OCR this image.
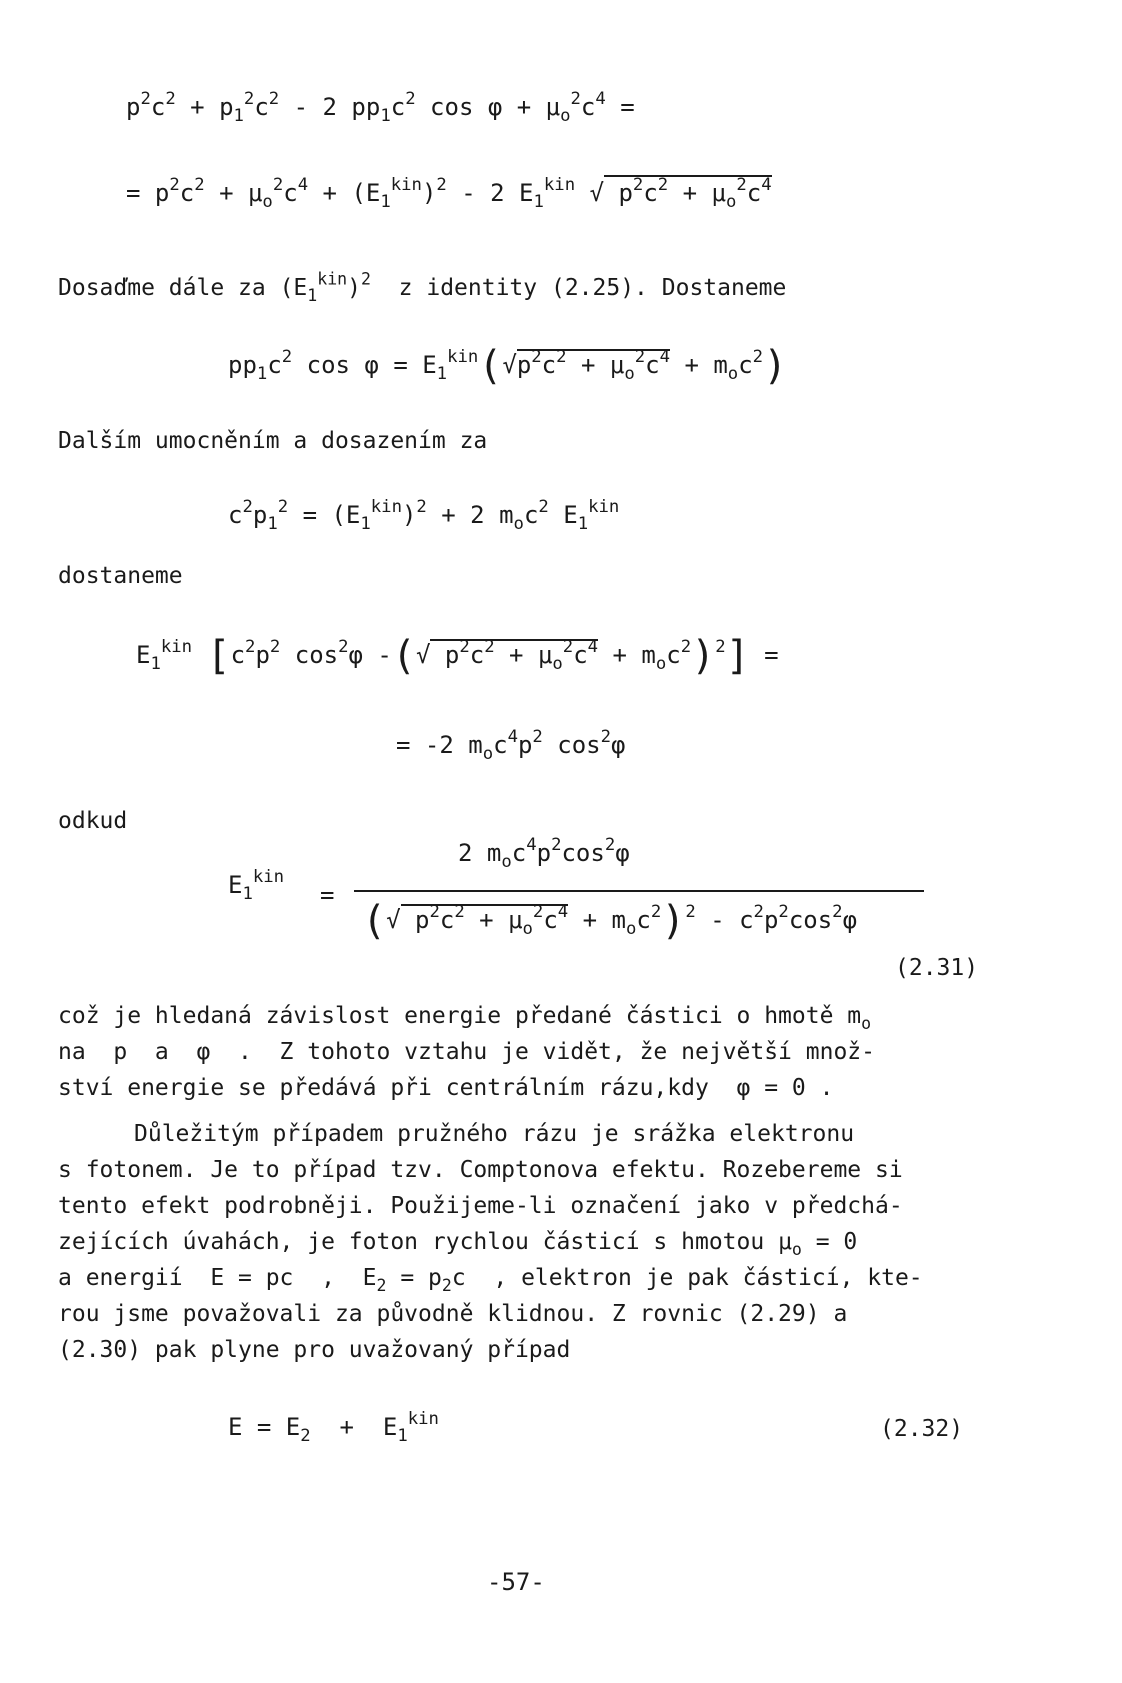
$p^2c^2 + p_1^2c^2 - 2$ $pp_1c^2$ $\cos \varphi + \mu_o^2c^4$ =
= $p^2c^2 + \mu_o^2c^4 + (E_1^{kin})^2 - 2$ $E_1^{kin}$ √ $p^2c^2 + \mu_o^2c^4$
Dosaďme dále za $(E_1^{kin})^2$  z identity (2.25). Dostaneme
$pp_1c^2$ $\cos \varphi = E_1^{kin}(√p^2c^2 + \mu_o^2c^4 + m_oc^2)$
Dalším umocněním a dosazením za
$c^2p_1^2 = (E_1^{kin})^2 + 2$ $m_oc^2$ $E_1^{kin}$
dostaneme
$E_1^{kin}$ [$c^2p^2$ $\cos^2\varphi$ -(√ $p^2c^2 + \mu_o^2c^4 + m_oc^2)^2$] =
= -2 $m_oc^4p^2$ $\cos^2\varphi$
odkud
2 $m_oc^4p^2\cos^2\varphi$
$E_1^{kin}$
=
(√ $p^2c^2 + \mu_o^2c^4 + m_oc^2)^2 - c^2p^2\cos^2\varphi$
(2.31)
což je hledaná závislost energie předané částici o hmotě $m_o$
na  p  a  φ  .  Z tohoto vztahu je vidět, že největší množ-
ství energie se předává při centrálním rázu,kdy  φ = 0 .
Důležitým případem pružného rázu je srážka elektronu
s fotonem. Je to případ tzv. Comptonova efektu. Rozebereme si
tento efekt podrobněji. Použijeme-li označení jako v předchá-
zejících úvahách, je foton rychlou částicí s hmotou $\mu_o = 0$
a energií  E = pc  ,  $E_2 = p_2c$  , elektron je pak částicí, kte-
rou jsme považovali za původně klidnou. Z rovnic (2.29) a
(2.30) pak plyne pro uvažovaný případ
$E = E_2 + E_1^{kin}$	(2.32)
-57-
